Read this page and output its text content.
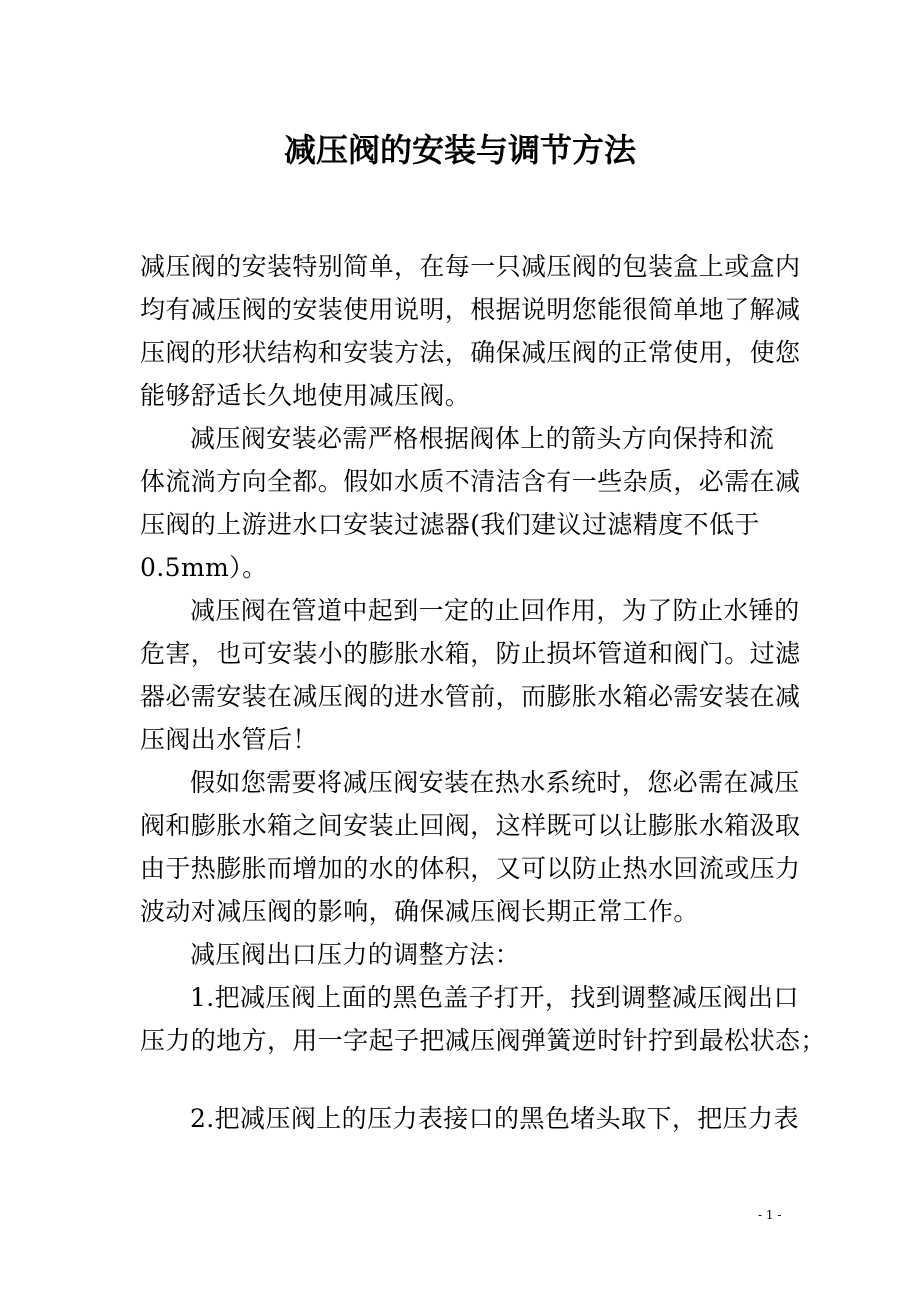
减压阀的安装与调节方法
减压阀的安装特别简单，在每一只减压阀的包装盒上或盒内
均有减压阀的安装使用说明，根据说明您能很简单地了解减
压阀的形状结构和安装方法，确保减压阀的正常使用，使您
能够舒适长久地使用减压阀。
减压阀安装必需严格根据阀体上的箭头方向保持和流
体流淌方向全都。假如水质不清洁含有一些杂质，必需在减
压阀的上游进水口安装过滤器(我们建议过滤精度不低于
0.5mm）。
减压阀在管道中起到一定的止回作用，为了防止水锤的
危害，也可安装小的膨胀水箱，防止损坏管道和阀门。过滤
器必需安装在减压阀的进水管前，而膨胀水箱必需安装在减
压阀出水管后！
假如您需要将减压阀安装在热水系统时，您必需在减压
阀和膨胀水箱之间安装止回阀，这样既可以让膨胀水箱汲取
由于热膨胀而增加的水的体积，又可以防止热水回流或压力
波动对减压阀的影响，确保减压阀长期正常工作。
减压阀出口压力的调整方法：
1.把减压阀上面的黑色盖子打开，找到调整减压阀出口
压力的地方，用一字起子把减压阀弹簧逆时针拧到最松状态；
2.把减压阀上的压力表接口的黑色堵头取下，把压力表
- 1 -
